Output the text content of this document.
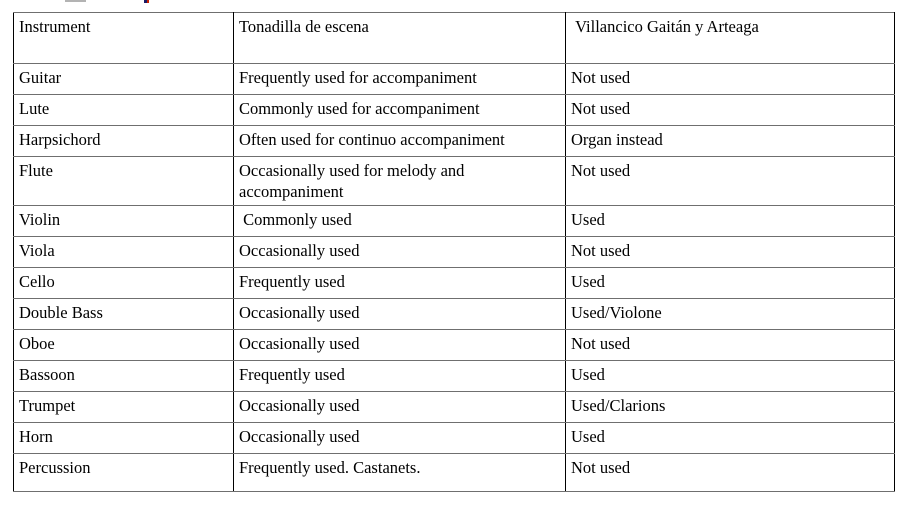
Instrument	Tonadilla de escena	Villancico Gaitán y Arteaga
Guitar	Frequently used for accompaniment	Not used
Lute	Commonly used for accompaniment	Not used
Harpsichord	Often used for continuo accompaniment	Organ instead
Flute	Occasionally used for melody and accompaniment	Not used
Violin	Commonly used	Used
Viola	Occasionally used	Not used
Cello	Frequently used	Used
Double Bass	Occasionally used	Used/Violone
Oboe	Occasionally used	Not used
Bassoon	Frequently used	Used
Trumpet	Occasionally used	Used/Clarions
Horn	Occasionally used	Used
Percussion	Frequently used. Castanets.	Not used
